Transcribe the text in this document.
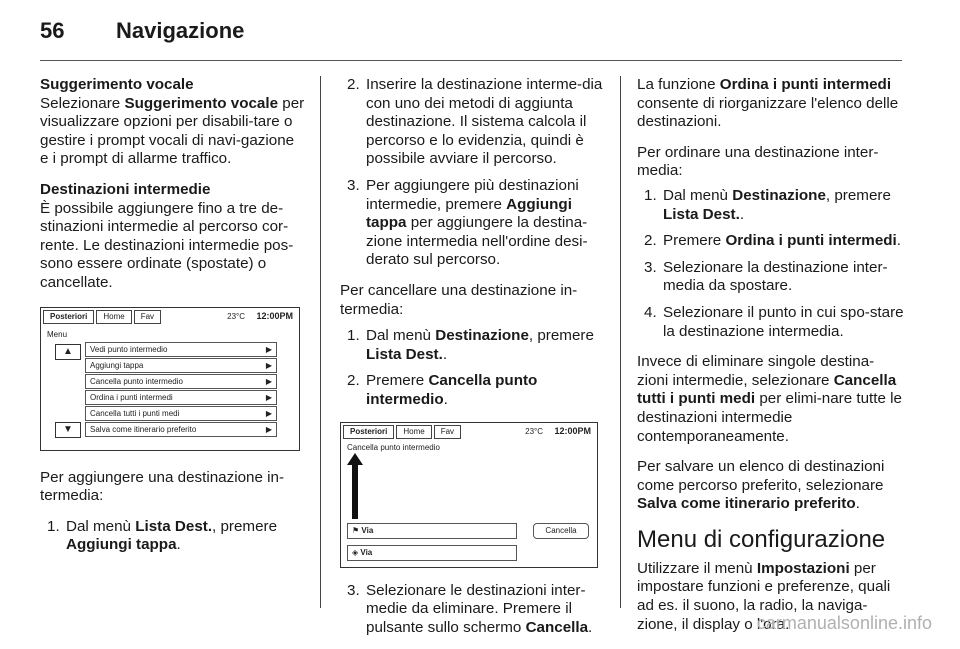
56 Navigazione
Suggerimento vocale

Selezionare Suggerimento vocale per visualizzare opzioni per disabili-tare o gestire i prompt vocali di navi-gazione e i prompt di allarme traffico.

Destinazioni intermedie

È possibile aggiungere fino a tre de-stinazioni intermedie al percorso cor-rente. Le destinazioni intermedie pos-sono essere ordinate (spostate) o cancellate.

Posteriori	Home	Fav	23°C 12:00PM
Menu
▲
▼
Vedi punto intermedio	▶
Aggiungi tappa	▶
Cancella punto intermedio	▶
Ordina i punti intermedi	▶
Cancella tutti i punti medi	▶
Salva come itinerario preferito	▶

Per aggiungere una destinazione in-termedia:

1. Dal menù Lista Dest., premere Aggiungi tappa.
2. Inserire la destinazione interme-dia con uno dei metodi di aggiunta destinazione. Il sistema calcola il percorso e lo evidenzia, quindi è possibile avviare il percorso.
3. Per aggiungere più destinazioni intermedie, premere Aggiungi tappa per aggiungere la destina-zione intermedia nell'ordine desi-derato sul percorso.

Per cancellare una destinazione in-termedia:

1. Dal menù Destinazione, premere Lista Dest..
2. Premere Cancella punto intermedio.
Posteriori	Home	Fav	23°C 12:00PM
Cancella punto intermedio
⚑ Via
◈ Via
Cancella
3. Selezionare le destinazioni inter-medie da eliminare. Premere il pulsante sullo schermo Cancella.

La funzione Ordina i punti intermedi consente di riorganizzare l'elenco delle destinazioni.

Per ordinare una destinazione inter-media:

1. Dal menù Destinazione, premere Lista Dest..
2. Premere Ordina i punti intermedi.
3. Selezionare la destinazione inter-media da spostare.
4. Selezionare il punto in cui spo-stare la destinazione intermedia.

Invece di eliminare singole destina-zioni intermedie, selezionare Cancella tutti i punti medi per elimi-nare tutte le destinazioni intermedie contemporaneamente.

Per salvare un elenco di destinazioni come percorso preferito, selezionare Salva come itinerario preferito.

Menu di configurazione

Utilizzare il menù Impostazioni per impostare funzioni e preferenze, quali ad es. il suono, la radio, la naviga-zione, il display o l'ora.

carmanualsonline.info
